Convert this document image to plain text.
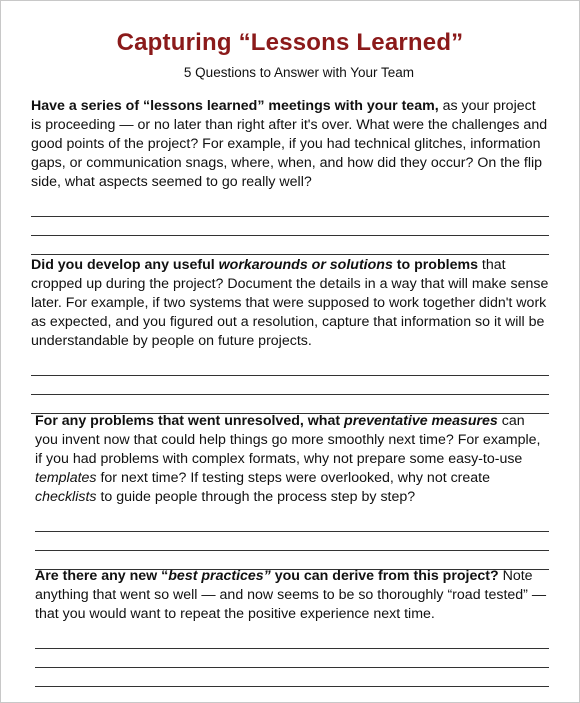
Capturing “Lessons Learned”
5 Questions to Answer with Your Team

Have a series of “lessons learned” meetings with your team, as your project is proceeding — or no later than right after it's over. What were the challenges and good points of the project? For example, if you had technical glitches, information gaps, or communication snags, where, when, and how did they occur? On the flip side, what aspects seemed to go really well?

Did you develop any useful workarounds or solutions to problems that cropped up during the project? Document the details in a way that will make sense later. For example, if two systems that were supposed to work together didn't work as expected, and you figured out a resolution, capture that information so it will be understandable by people on future projects.

For any problems that went unresolved, what preventative measures can you invent now that could help things go more smoothly next time? For example, if you had problems with complex formats, why not prepare some easy-to-use templates for next time? If testing steps were overlooked, why not create checklists to guide people through the process step by step?

Are there any new “best practices” you can derive from this project? Note anything that went so well — and now seems to be so thoroughly “road tested” — that you would want to repeat the positive experience next time.
